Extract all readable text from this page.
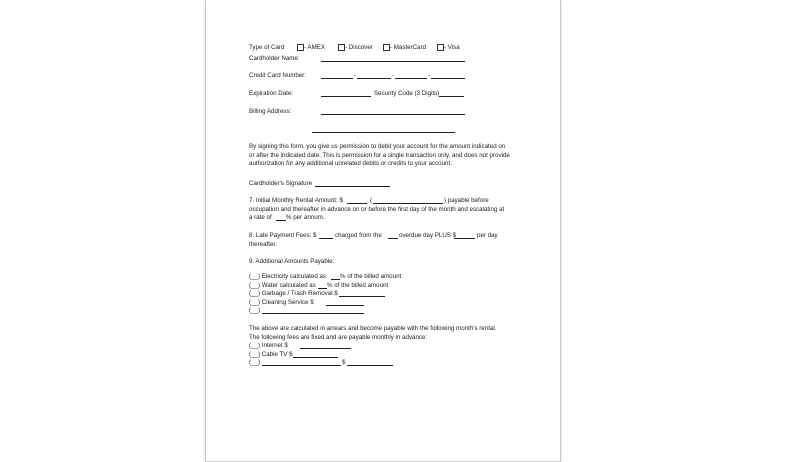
Type of Card	- AMEX	- Discover	- MasterCard	- Visa
Cardholder Name:
Credit Card Number:	-	-	-
Expiration Date:	Security Code (3 Digits)
Billing Address:
By signing this form, you give us permission to debit your account for the amount indicated on
or after the indicated date. This is permission for a single transaction only, and does not provide
authorization for any additional unrelated debits or credits to your account.
Cardholder's Signature
7. Initial Monthly Rental Amount: $	(	) payable before
occupation and thereafter in advance on or before the first day of the month and escalating at
a rate of % per annum.
8. Late Payment Fees: $	charged from the	overdue day PLUS $	per day
thereafter.
9. Additional Amounts Payable:
(__) Electricity calculated as % of the billed amount
(__) Water calculated as % of the billed amount
(__) Garbage / Trash Removal $
(__) Cleaning Service $
(__)
The above are calculated in arrears and become payable with the following month's rental.
The following fees are fixed and are payable monthly in advance:
(__) Internet $
(__) Cable TV $
(__)	$
